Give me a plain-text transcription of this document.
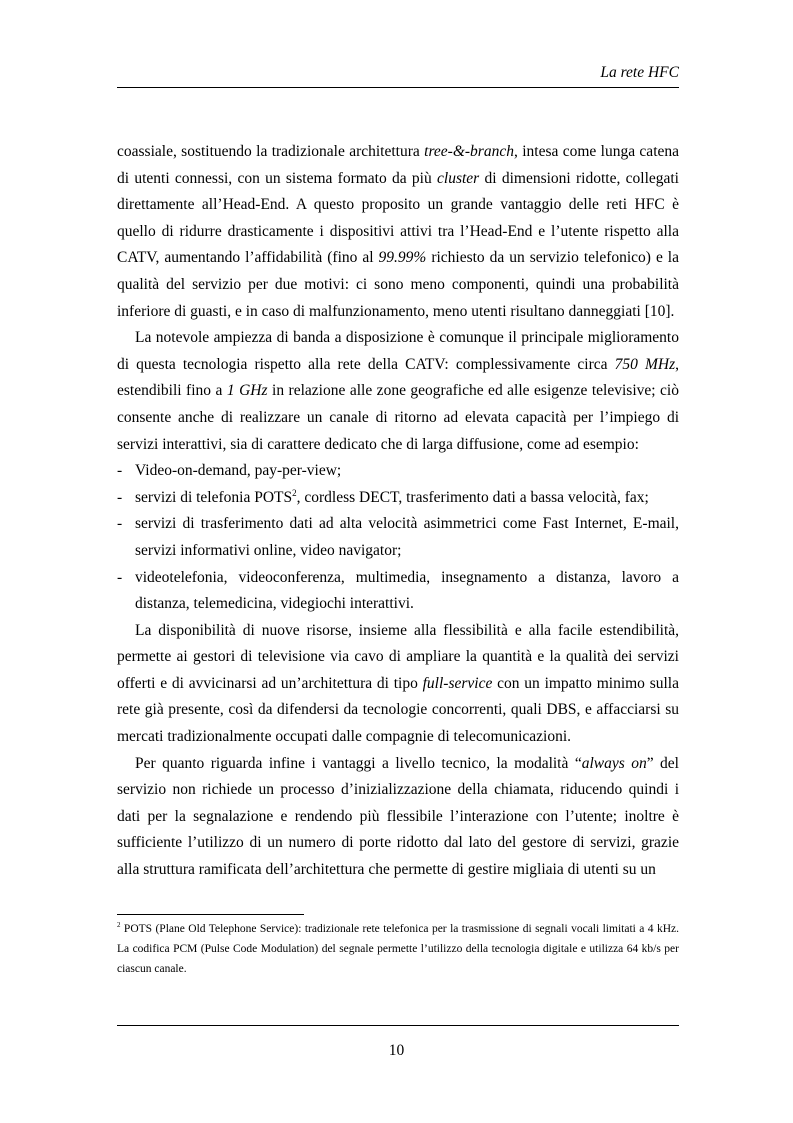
La rete HFC

coassiale, sostituendo la tradizionale architettura tree-&-branch, intesa come lunga catena di utenti connessi, con un sistema formato da più cluster di dimensioni ridotte, collegati direttamente all’Head-End. A questo proposito un grande vantaggio delle reti HFC è quello di ridurre drasticamente i dispositivi attivi tra l’Head-End e l’utente rispetto alla CATV, aumentando l’affidabilità (fino al 99.99% richiesto da un servizio telefonico) e la qualità del servizio per due motivi: ci sono meno componenti, quindi una probabilità inferiore di guasti, e in caso di malfunzionamento, meno utenti risultano danneggiati [10].

La notevole ampiezza di banda a disposizione è comunque il principale miglioramento di questa tecnologia rispetto alla rete della CATV: complessivamente circa 750 MHz, estendibili fino a 1 GHz in relazione alle zone geografiche ed alle esigenze televisive; ciò consente anche di realizzare un canale di ritorno ad elevata capacità per l’impiego di servizi interattivi, sia di carattere dedicato che di larga diffusione, come ad esempio:

- Video-on-demand, pay-per-view;
- servizi di telefonia POTS$^2$, cordless DECT, trasferimento dati a bassa velocità, fax;
- servizi di trasferimento dati ad alta velocità asimmetrici come Fast Internet, E-mail, servizi informativi online, video navigator;
- videotelefonia, videoconferenza, multimedia, insegnamento a distanza, lavoro a distanza, telemedicina, videgiochi interattivi.

La disponibilità di nuove risorse, insieme alla flessibilità e alla facile estendibilità, permette ai gestori di televisione via cavo di ampliare la quantità e la qualità dei servizi offerti e di avvicinarsi ad un’architettura di tipo full-service con un impatto minimo sulla rete già presente, così da difendersi da tecnologie concorrenti, quali DBS, e affacciarsi su mercati tradizionalmente occupati dalle compagnie di telecomunicazioni.

Per quanto riguarda infine i vantaggi a livello tecnico, la modalità “always on” del servizio non richiede un processo d’inizializzazione della chiamata, riducendo quindi i dati per la segnalazione e rendendo più flessibile l’interazione con l’utente; inoltre è sufficiente l’utilizzo di un numero di porte ridotto dal lato del gestore di servizi, grazie alla struttura ramificata dell’architettura che permette di gestire migliaia di utenti su un

$^2$ POTS (Plane Old Telephone Service): tradizionale rete telefonica per la trasmissione di segnali vocali limitati a 4 kHz. La codifica PCM (Pulse Code Modulation) del segnale permette l’utilizzo della tecnologia digitale e utilizza 64 kb/s per ciascun canale.
10
